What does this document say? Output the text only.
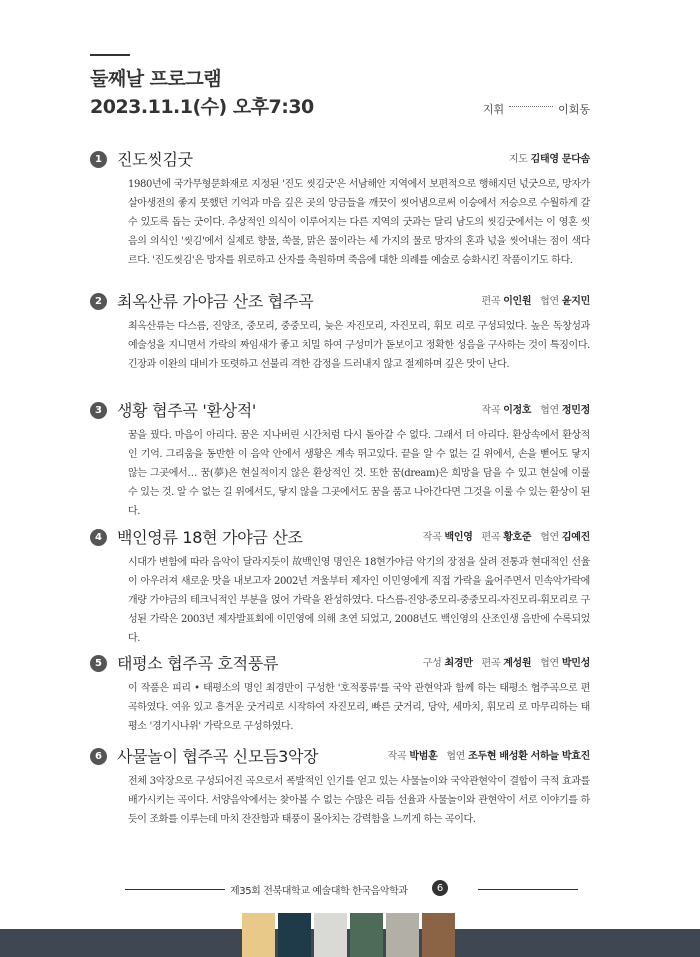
둘째날 프로그램
2023.11.1(수) 오후7:30	지휘	이회동
1 진도씻김굿	지도 김태영 문다솜
1980년에 국가무형문화재로 지정된 '진도 씻김굿'은 서남해안 지역에서 보편적으로 행해지던 넋굿으로, 망자가 살아생전의 좋지 못했던 기억과 마음 깊은 곳의 앙금들을 깨끗이 씻어냄으로써 이승에서 저승으로 수월하게 갈 수 있도록 돕는 굿이다. 추상적인 의식이 이루어지는 다른 지역의 굿과는 달리 남도의 씻김굿에서는 이 영혼 씻음의 의식인 '씻김'에서 실제로 향물, 쑥물, 맑은 물이라는 세 가지의 물로 망자의 혼과 넋을 씻어내는 점이 색다르다. '진도씻김'은 망자를 위로하고 산자를 축원하며 죽음에 대한 의례를 예술로 승화시킨 작품이기도 하다.
2 최옥산류 가야금 산조 협주곡	편곡 이인원 협연 윤지민
최옥산류는 다스름, 진양조, 중모리, 중중모리, 늦은 자진모리, 자진모리, 휘모 리로 구성되었다. 높은 독창성과 예술성을 지니면서 가락의 짜임새가 좋고 치밀 하여 구성미가 돋보이고 정확한 성음을 구사하는 것이 특징이다. 긴장과 이완의 대비가 또렷하고 선불리 격한 감정을 드러내지 않고 절제하며 깊은 맛이 난다.
3 생황 협주곡 '환상적'	작곡 이정호 협연 정민정
꿈을 꿨다. 마음이 아리다. 꿈은 지나버린 시간처럼 다시 돌아갈 수 없다. 그래서 더 아리다. 환상속에서 환상적인 기억. 그리움을 동반한 이 음악 안에서 생황은 계속 뛰고있다. 끝을 알 수 없는 길 위에서, 손을 뻗어도 닿지 않는 그곳에서… 꿈(夢)은 현실적이지 않은 환상적인 것. 또한 꿈(dream)은 희망을 담을 수 있고 현실에 이룰 수 있는 것. 알 수 없는 길 위에서도, 닿지 않을 그곳에서도 꿈을 품고 나아간다면 그것을 이룰 수 있는 환상이 된다.
4 백인영류 18현 가야금 산조	작곡 백인영 편곡 황호준 협연 김예진
시대가 변함에 따라 음악이 달라지듯이 故백인영 명인은 18현가야금 악기의 장점을 살려 전통과 현대적인 선율이 아우러져 새로운 맛을 내보고자 2002년 겨울부터 제자인 이민영에게 직접 가락을 읊어주면서 민속악가락에 개량 가야금의 테크닉적인 부분을 얹어 가락을 완성하였다. 다스름-진양-중모리-중중모리-자진모리-휘모리로 구성된 가락은 2003년 제자발표회에 이민영에 의해 초연 되었고, 2008년도 백인영의 산조인생 음반에 수록되었다.
5 태평소 협주곡 호적풍류	구성 최경만 편곡 계성원 협연 박민성
이 작품은 피리 • 태평소의 명인 최경만이 구성한 '호적풍류'를 국악 관현악과 함께 하는 태평소 협주곡으로 편곡하였다. 여유 있고 흥겨운 굿거리로 시작하여 자진모리, 빠른 굿거리, 당악, 세마치, 휘모리 로 마무리하는 태평소 '경기시나위' 가락으로 구성하였다.
6 사물놀이 협주곡 신모듬3악장	작곡 박범훈 협연 조두현 배성환 서하늘 박효진
전체 3악장으로 구성되어진 곡으로서 폭발적인 인기를 얻고 있는 사물놀이와 국악관현악이 결합이 극적 효과를 배가시키는 곡이다. 서양음악에서는 찾아볼 수 없는 수많은 리듬 선율과 사물놀이와 관현악이 서로 이야기를 하듯이 조화를 이루는데 마치 잔잔함과 태풍이 몰아치는 강력함을 느끼게 하는 곡이다.
제35회 전북대학교 예술대학 한국음악학과	6
